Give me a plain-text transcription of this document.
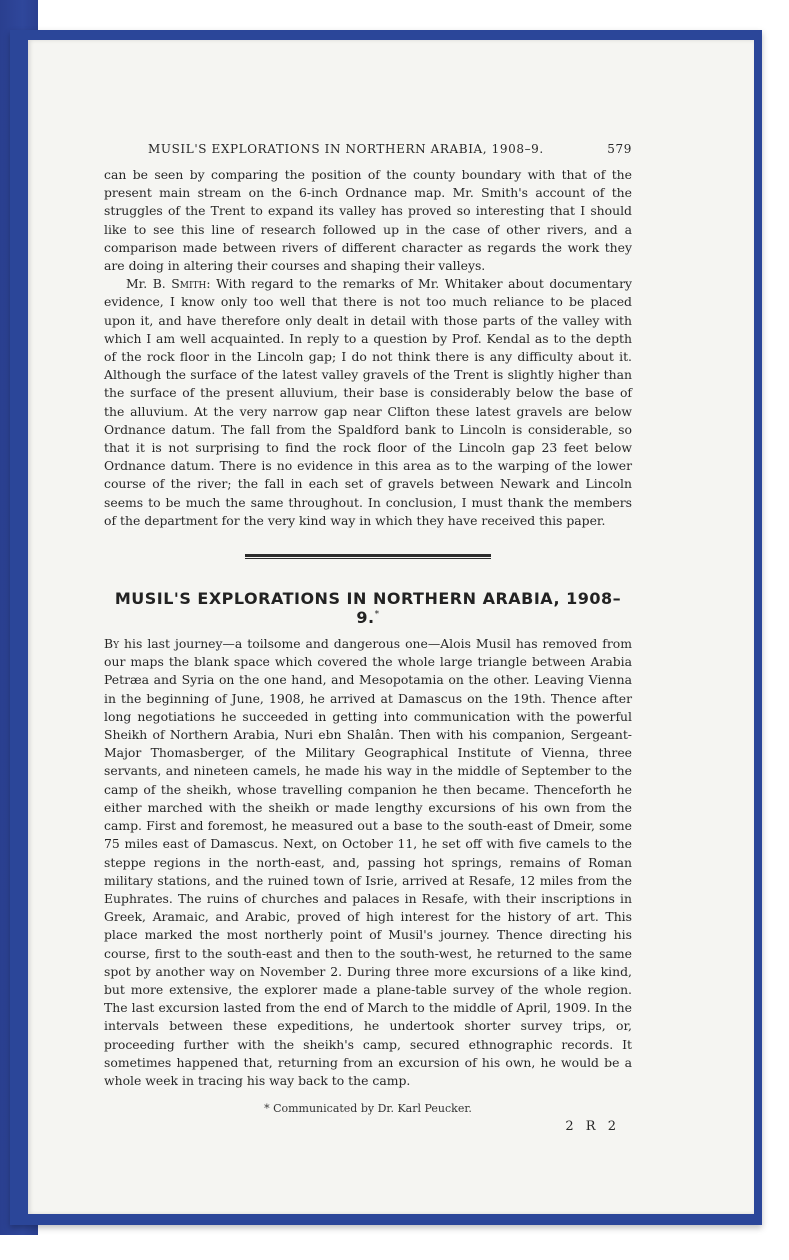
MUSIL'S EXPLORATIONS IN NORTHERN ARABIA, 1908–9.	579

can be seen by comparing the position of the county boundary with that of the present main stream on the 6-inch Ordnance map. Mr. Smith's account of the struggles of the Trent to expand its valley has proved so interesting that I should like to see this line of research followed up in the case of other rivers, and a comparison made between rivers of different character as regards the work they are doing in altering their courses and shaping their valleys.

Mr. B. Smith: With regard to the remarks of Mr. Whitaker about documentary evidence, I know only too well that there is not too much reliance to be placed upon it, and have therefore only dealt in detail with those parts of the valley with which I am well acquainted. In reply to a question by Prof. Kendal as to the depth of the rock floor in the Lincoln gap; I do not think there is any difficulty about it. Although the surface of the latest valley gravels of the Trent is slightly higher than the surface of the present alluvium, their base is considerably below the base of the alluvium. At the very narrow gap near Clifton these latest gravels are below Ordnance datum. The fall from the Spaldford bank to Lincoln is considerable, so that it is not surprising to find the rock floor of the Lincoln gap 23 feet below Ordnance datum. There is no evidence in this area as to the warping of the lower course of the river; the fall in each set of gravels between Newark and Lincoln seems to be much the same throughout. In conclusion, I must thank the members of the department for the very kind way in which they have received this paper.

MUSIL'S EXPLORATIONS IN NORTHERN ARABIA, 1908–9.*

By his last journey—a toilsome and dangerous one—Alois Musil has removed from our maps the blank space which covered the whole large triangle between Arabia Petræa and Syria on the one hand, and Mesopotamia on the other. Leaving Vienna in the beginning of June, 1908, he arrived at Damascus on the 19th. Thence after long negotiations he succeeded in getting into communication with the powerful Sheikh of Northern Arabia, Nuri ebn Shalân. Then with his companion, Sergeant-Major Thomasberger, of the Military Geographical Institute of Vienna, three servants, and nineteen camels, he made his way in the middle of September to the camp of the sheikh, whose travelling companion he then became. Thenceforth he either marched with the sheikh or made lengthy excursions of his own from the camp. First and foremost, he measured out a base to the south-east of Dmeir, some 75 miles east of Damascus. Next, on October 11, he set off with five camels to the steppe regions in the north-east, and, passing hot springs, remains of Roman military stations, and the ruined town of Isrie, arrived at Resafe, 12 miles from the Euphrates. The ruins of churches and palaces in Resafe, with their inscriptions in Greek, Aramaic, and Arabic, proved of high interest for the history of art. This place marked the most northerly point of Musil's journey. Thence directing his course, first to the south-east and then to the south-west, he returned to the same spot by another way on November 2. During three more excursions of a like kind, but more extensive, the explorer made a plane-table survey of the whole region. The last excursion lasted from the end of March to the middle of April, 1909. In the intervals between these expeditions, he undertook shorter survey trips, or, proceeding further with the sheikh's camp, secured ethnographic records. It sometimes happened that, returning from an excursion of his own, he would be a whole week in tracing his way back to the camp.

* Communicated by Dr. Karl Peucker.
2 R 2
